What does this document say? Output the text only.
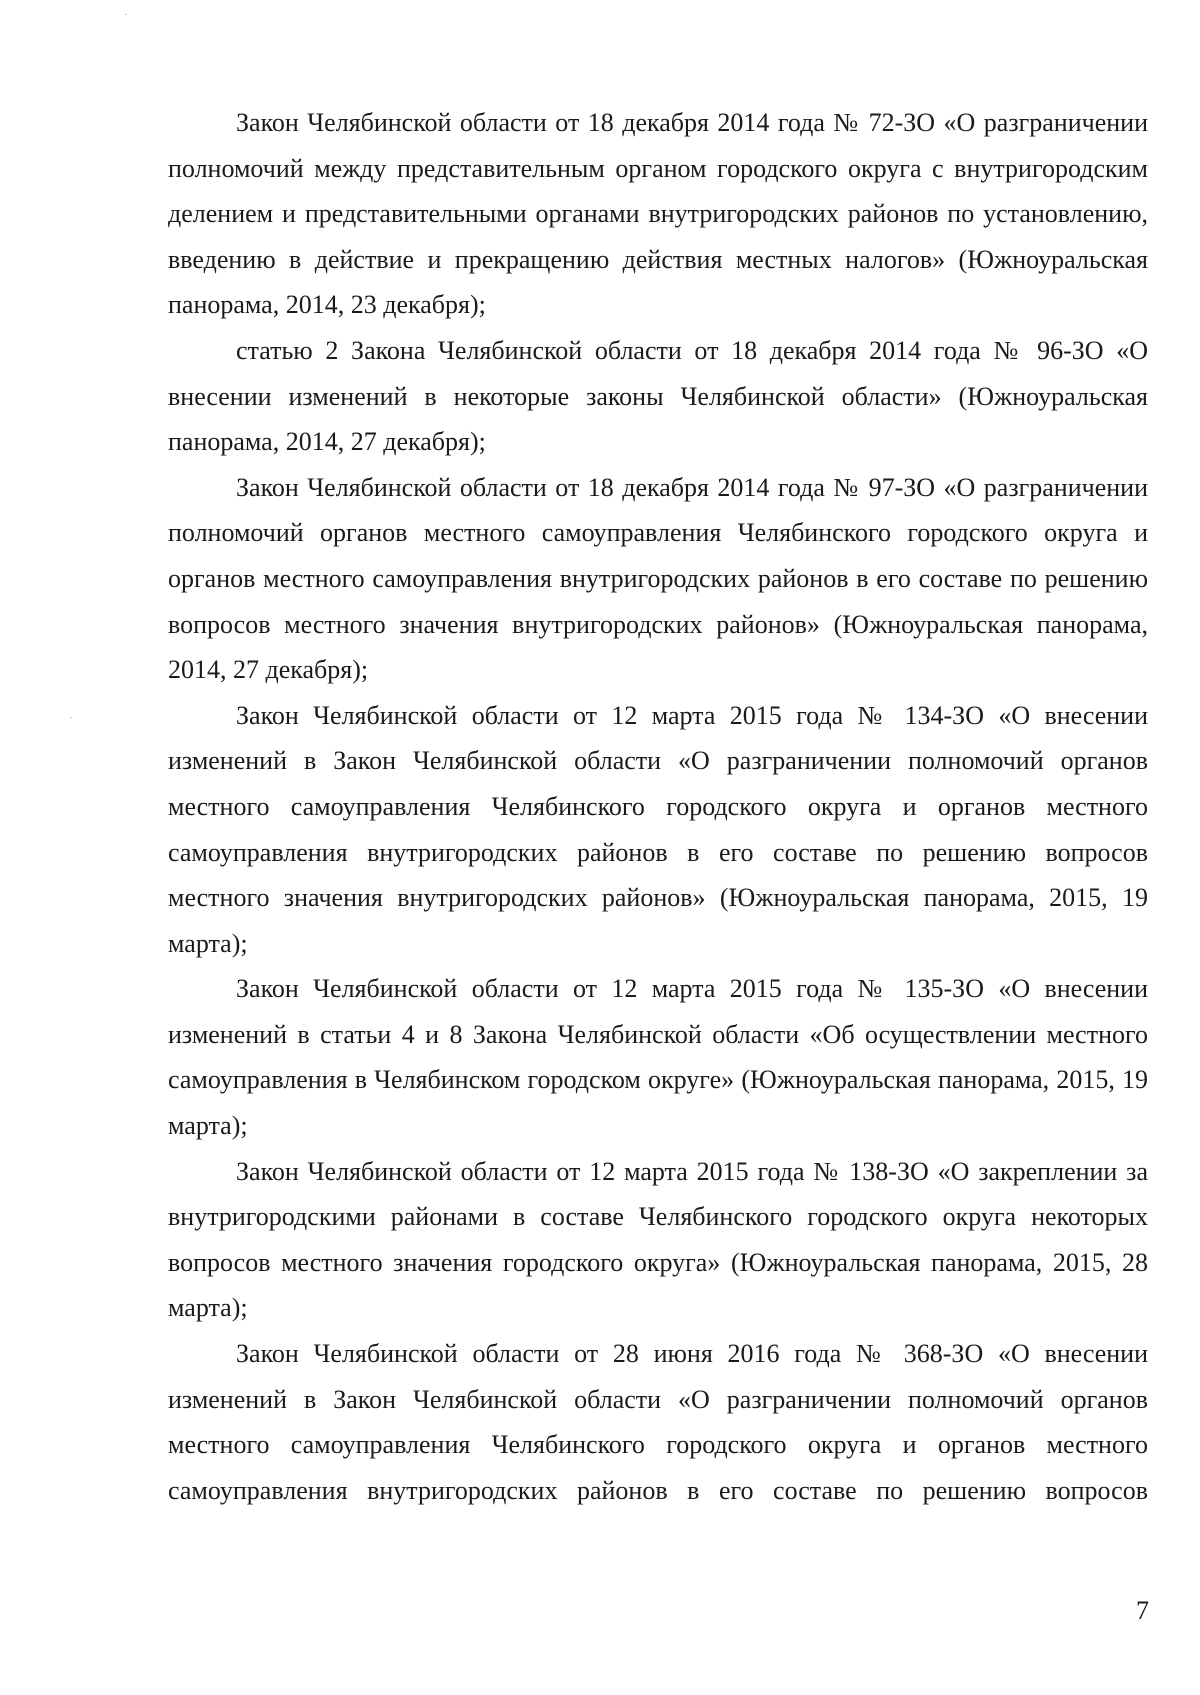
Закон Челябинской области от 18 декабря 2014 года № 72-ЗО «О разграничении полномочий между представительным органом городского округа с внутригородским делением и представительными органами внутригородских районов по установлению, введению в действие и прекращению действия местных налогов» (Южноуральская панорама, 2014, 23 декабря);

статью 2 Закона Челябинской области от 18 декабря 2014 года № 96-ЗО «О внесении изменений в некоторые законы Челябинской области» (Южноуральская панорама, 2014, 27 декабря);

Закон Челябинской области от 18 декабря 2014 года № 97-ЗО «О разграничении полномочий органов местного самоуправления Челябинского городского округа и органов местного самоуправления внутригородских районов в его составе по решению вопросов местного значения внутригородских районов» (Южноуральская панорама, 2014, 27 декабря);

Закон Челябинской области от 12 марта 2015 года № 134-ЗО «О внесении изменений в Закон Челябинской области «О разграничении полномочий органов местного самоуправления Челябинского городского округа и органов местного самоуправления внутригородских районов в его составе по решению вопросов местного значения внутригородских районов» (Южноуральская панорама, 2015, 19 марта);

Закон Челябинской области от 12 марта 2015 года № 135-ЗО «О внесении изменений в статьи 4 и 8 Закона Челябинской области «Об осуществлении местного самоуправления в Челябинском городском округе» (Южноуральская панорама, 2015, 19 марта);

Закон Челябинской области от 12 марта 2015 года № 138-ЗО «О закреплении за внутригородскими районами в составе Челябинского городского округа некоторых вопросов местного значения городского округа» (Южноуральская панорама, 2015, 28 марта);

Закон Челябинской области от 28 июня 2016 года № 368-ЗО «О внесении изменений в Закон Челябинской области «О разграничении полномочий органов местного самоуправления Челябинского городского округа и органов местного самоуправления внутригородских районов в его составе по решению вопросов

7
